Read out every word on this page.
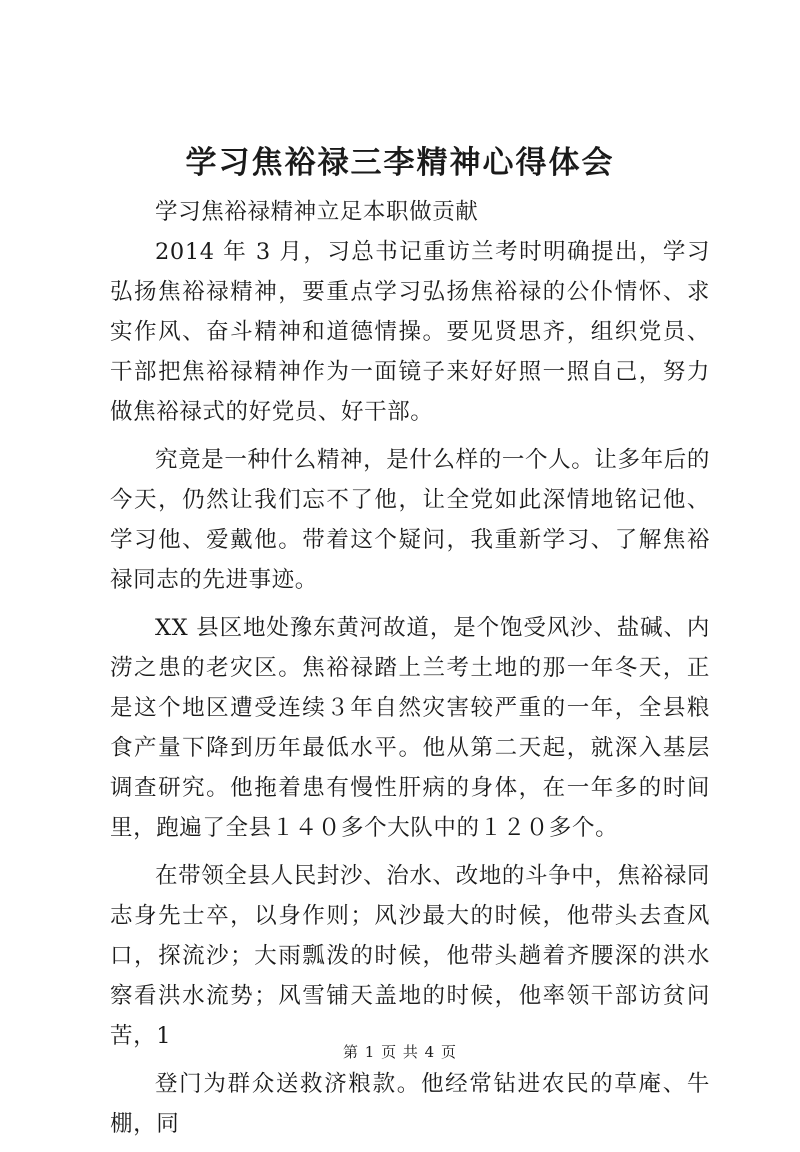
学习焦裕禄三李精神心得体会

学习焦裕禄精神立足本职做贡献

2014 年 3 月，习总书记重访兰考时明确提出，学习弘扬焦裕禄精神，要重点学习弘扬焦裕禄的公仆情怀、求实作风、奋斗精神和道德情操。要见贤思齐，组织党员、干部把焦裕禄精神作为一面镜子来好好照一照自己，努力做焦裕禄式的好党员、好干部。

究竟是一种什么精神，是什么样的一个人。让多年后的今天，仍然让我们忘不了他，让全党如此深情地铭记他、学习他、爱戴他。带着这个疑问，我重新学习、了解焦裕禄同志的先进事迹。

XX 县区地处豫东黄河故道，是个饱受风沙、盐碱、内涝之患的老灾区。焦裕禄踏上兰考土地的那一年冬天，正是这个地区遭受连续３年自然灾害较严重的一年，全县粮食产量下降到历年最低水平。他从第二天起，就深入基层调查研究。他拖着患有慢性肝病的身体，在一年多的时间里，跑遍了全县１４０多个大队中的１２０多个。

在带领全县人民封沙、治水、改地的斗争中，焦裕禄同志身先士卒，以身作则；风沙最大的时候，他带头去查风口，探流沙；大雨瓢泼的时候，他带头趟着齐腰深的洪水察看洪水流势；风雪铺天盖地的时候，他率领干部访贫问苦，1

登门为群众送救济粮款。他经常钻进农民的草庵、牛棚，同

第 1 页 共 4 页
